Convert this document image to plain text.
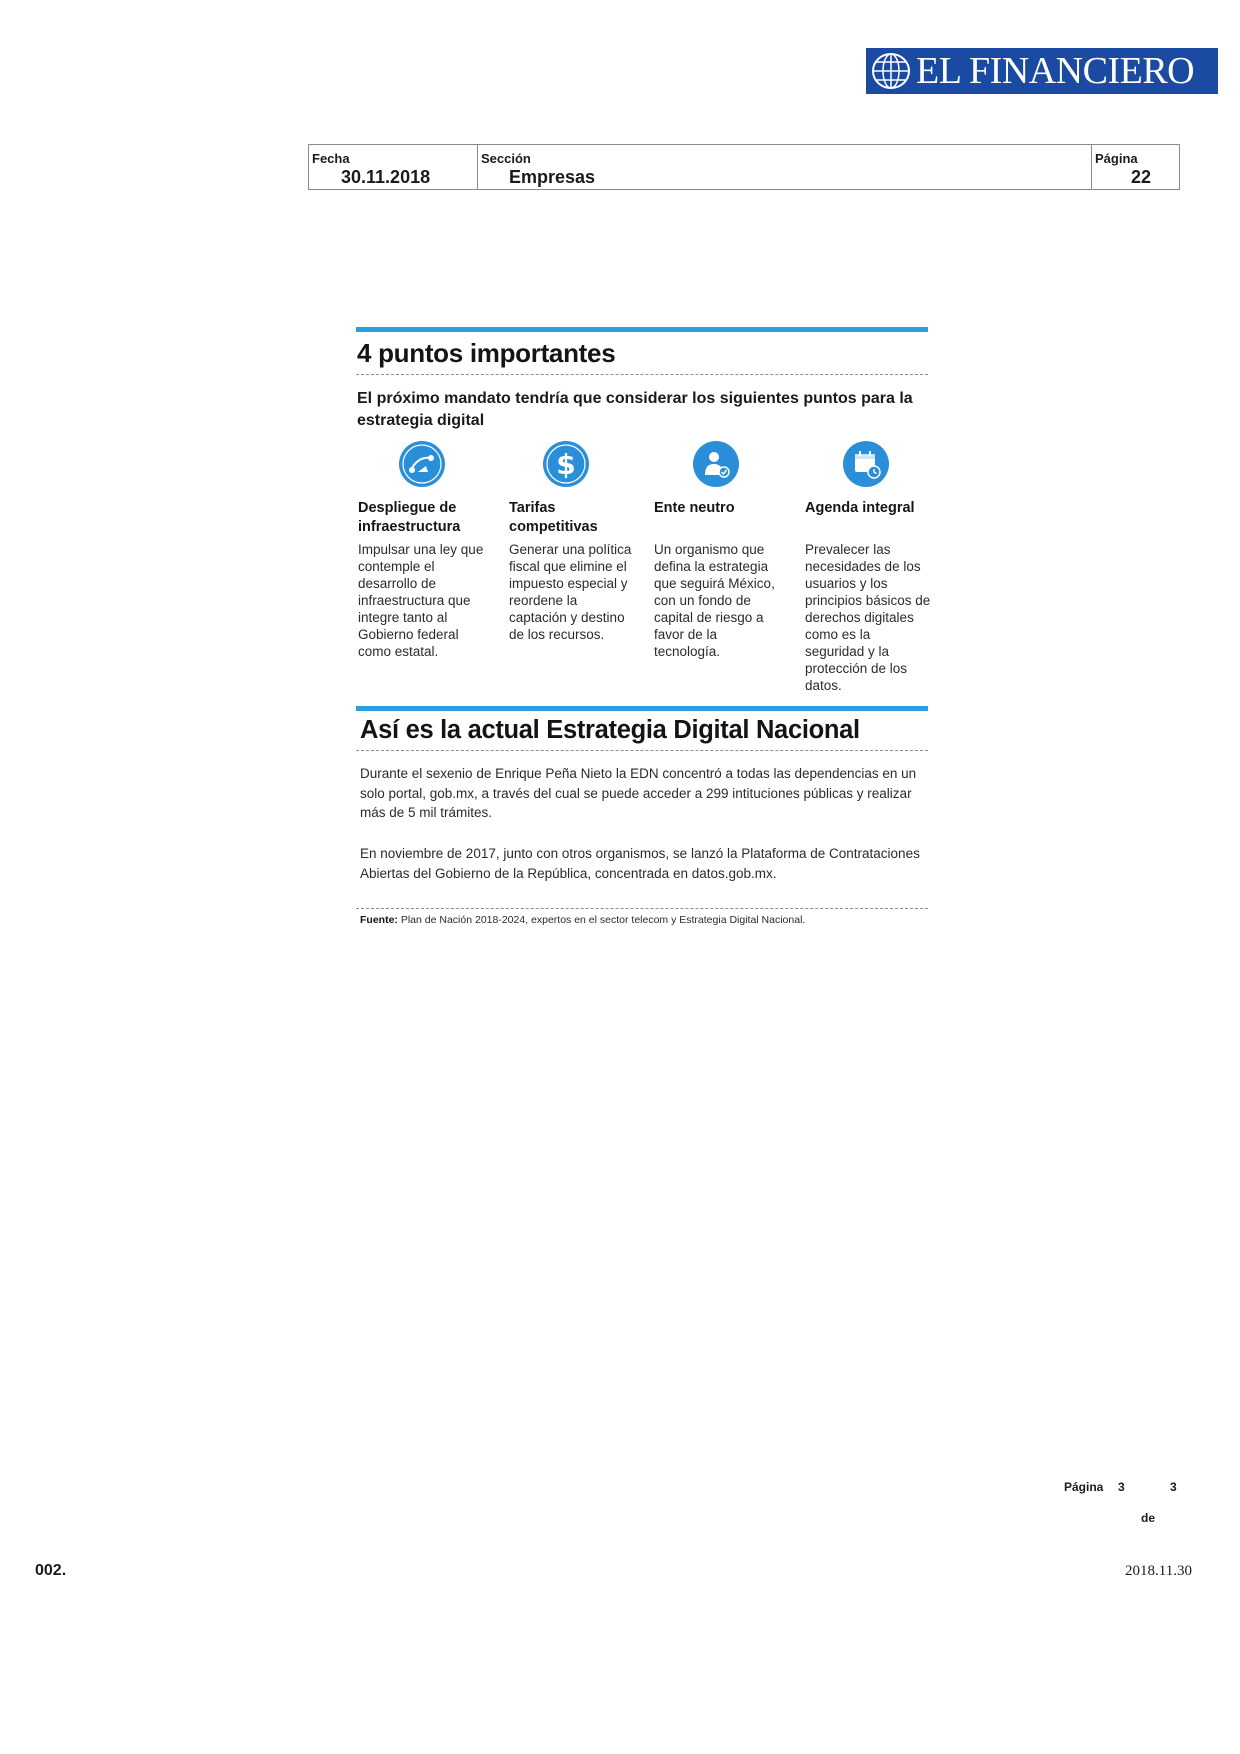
EL FINANCIERO
Fecha
30.11.2018
Sección
Empresas
Página
22
4 puntos importantes
El próximo mandato tendría que considerar los siguientes puntos para la estrategia digital
Despliegue de infraestructura
Impulsar una ley que contemple el desarrollo de infraestructura que integre tanto al Gobierno federal como estatal.
$
Tarifas competitivas
Generar una política fiscal que elimine el impuesto especial y reordene la captación y destino de los recursos.
Ente neutro
Un organismo que defina la estrategia que seguirá México, con un fondo de capital de riesgo a favor de la tecnología.
Agenda integral
Prevalecer las necesidades de los usuarios y los principios básicos de derechos digitales como es la seguridad y la protección de los datos.
Así es la actual Estrategia Digital Nacional
Durante el sexenio de Enrique Peña Nieto la EDN concentró a todas las dependencias en un solo portal, gob.mx, a través del cual se puede acceder a 299 intituciones públicas y realizar más de 5 mil trámites.
En noviembre de 2017, junto con otros organismos, se lanzó la Plataforma de Contrataciones Abiertas del Gobierno de la República, concentrada en datos.gob.mx.
Fuente: Plan de Nación 2018-2024, expertos en el sector telecom y Estrategia Digital Nacional.
Página 3	3
de
002.	2018.11.30
